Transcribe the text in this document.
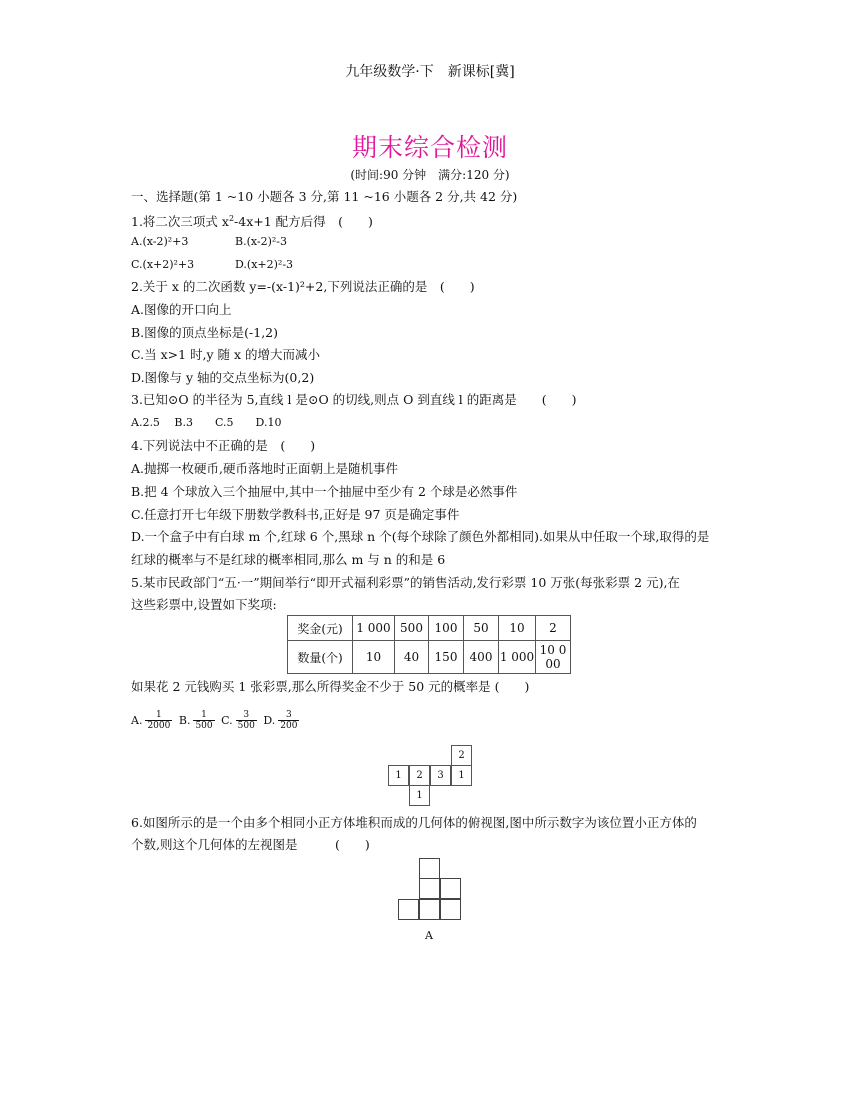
九年级数学·下　新课标[冀]
期末综合检测
(时间:90 分钟　满分:120 分)
一、选择题(第 1 ~10 小题各 3 分,第 11 ~16 小题各 2 分,共 42 分)
1.将二次三项式 $x^2-4x+1$ 配方后得　(　　)
A.(x-2)²+3	B.(x-2)²-3
C.(x+2)²+3	D.(x+2)²-3
2.关于 x 的二次函数 y=-(x-1)²+2,下列说法正确的是　(　　)
A.图像的开口向上
B.图像的顶点坐标是(-1,2)
C.当 x>1 时,y 随 x 的增大而减小
D.图像与 y 轴的交点坐标为(0,2)
3.已知⊙O 的半径为 5,直线 l 是⊙O 的切线,则点 O 到直线 l 的距离是　　(　　)
A.2.5　 B.3　　C.5　　D.10
4.下列说法中不正确的是　(　　)
A.抛掷一枚硬币,硬币落地时正面朝上是随机事件
B.把 4 个球放入三个抽屉中,其中一个抽屉中至少有 2 个球是必然事件
C.任意打开七年级下册数学教科书,正好是 97 页是确定事件
D.一个盒子中有白球 m 个,红球 6 个,黑球 n 个(每个球除了颜色外都相同).如果从中任取一个球,取得的是
红球的概率与不是红球的概率相同,那么 m 与 n 的和是 6
5.某市民政部门“五·一”期间举行“即开式福利彩票”的销售活动,发行彩票 10 万张(每张彩票 2 元),在
这些彩票中,设置如下奖项:
奖金(元)	1 000	500	100	50	10	2
数量(个)	10	40	150	400	1 000	10 000
如果花 2 元钱购买 1 张彩票,那么所得奖金不少于 50 元的概率是 (　　)
A. $\frac{1}{2000} B$. $\frac{1}{500} C$. $\frac{3}{500} D$. $\frac{3}{200}$
2
1	2	3	1
1
6.如图所示的是一个由多个相同小正方体堆积而成的几何体的俯视图,图中所示数字为该位置小正方体的
个数,则这个几何体的左视图是　　　(　　)
A
